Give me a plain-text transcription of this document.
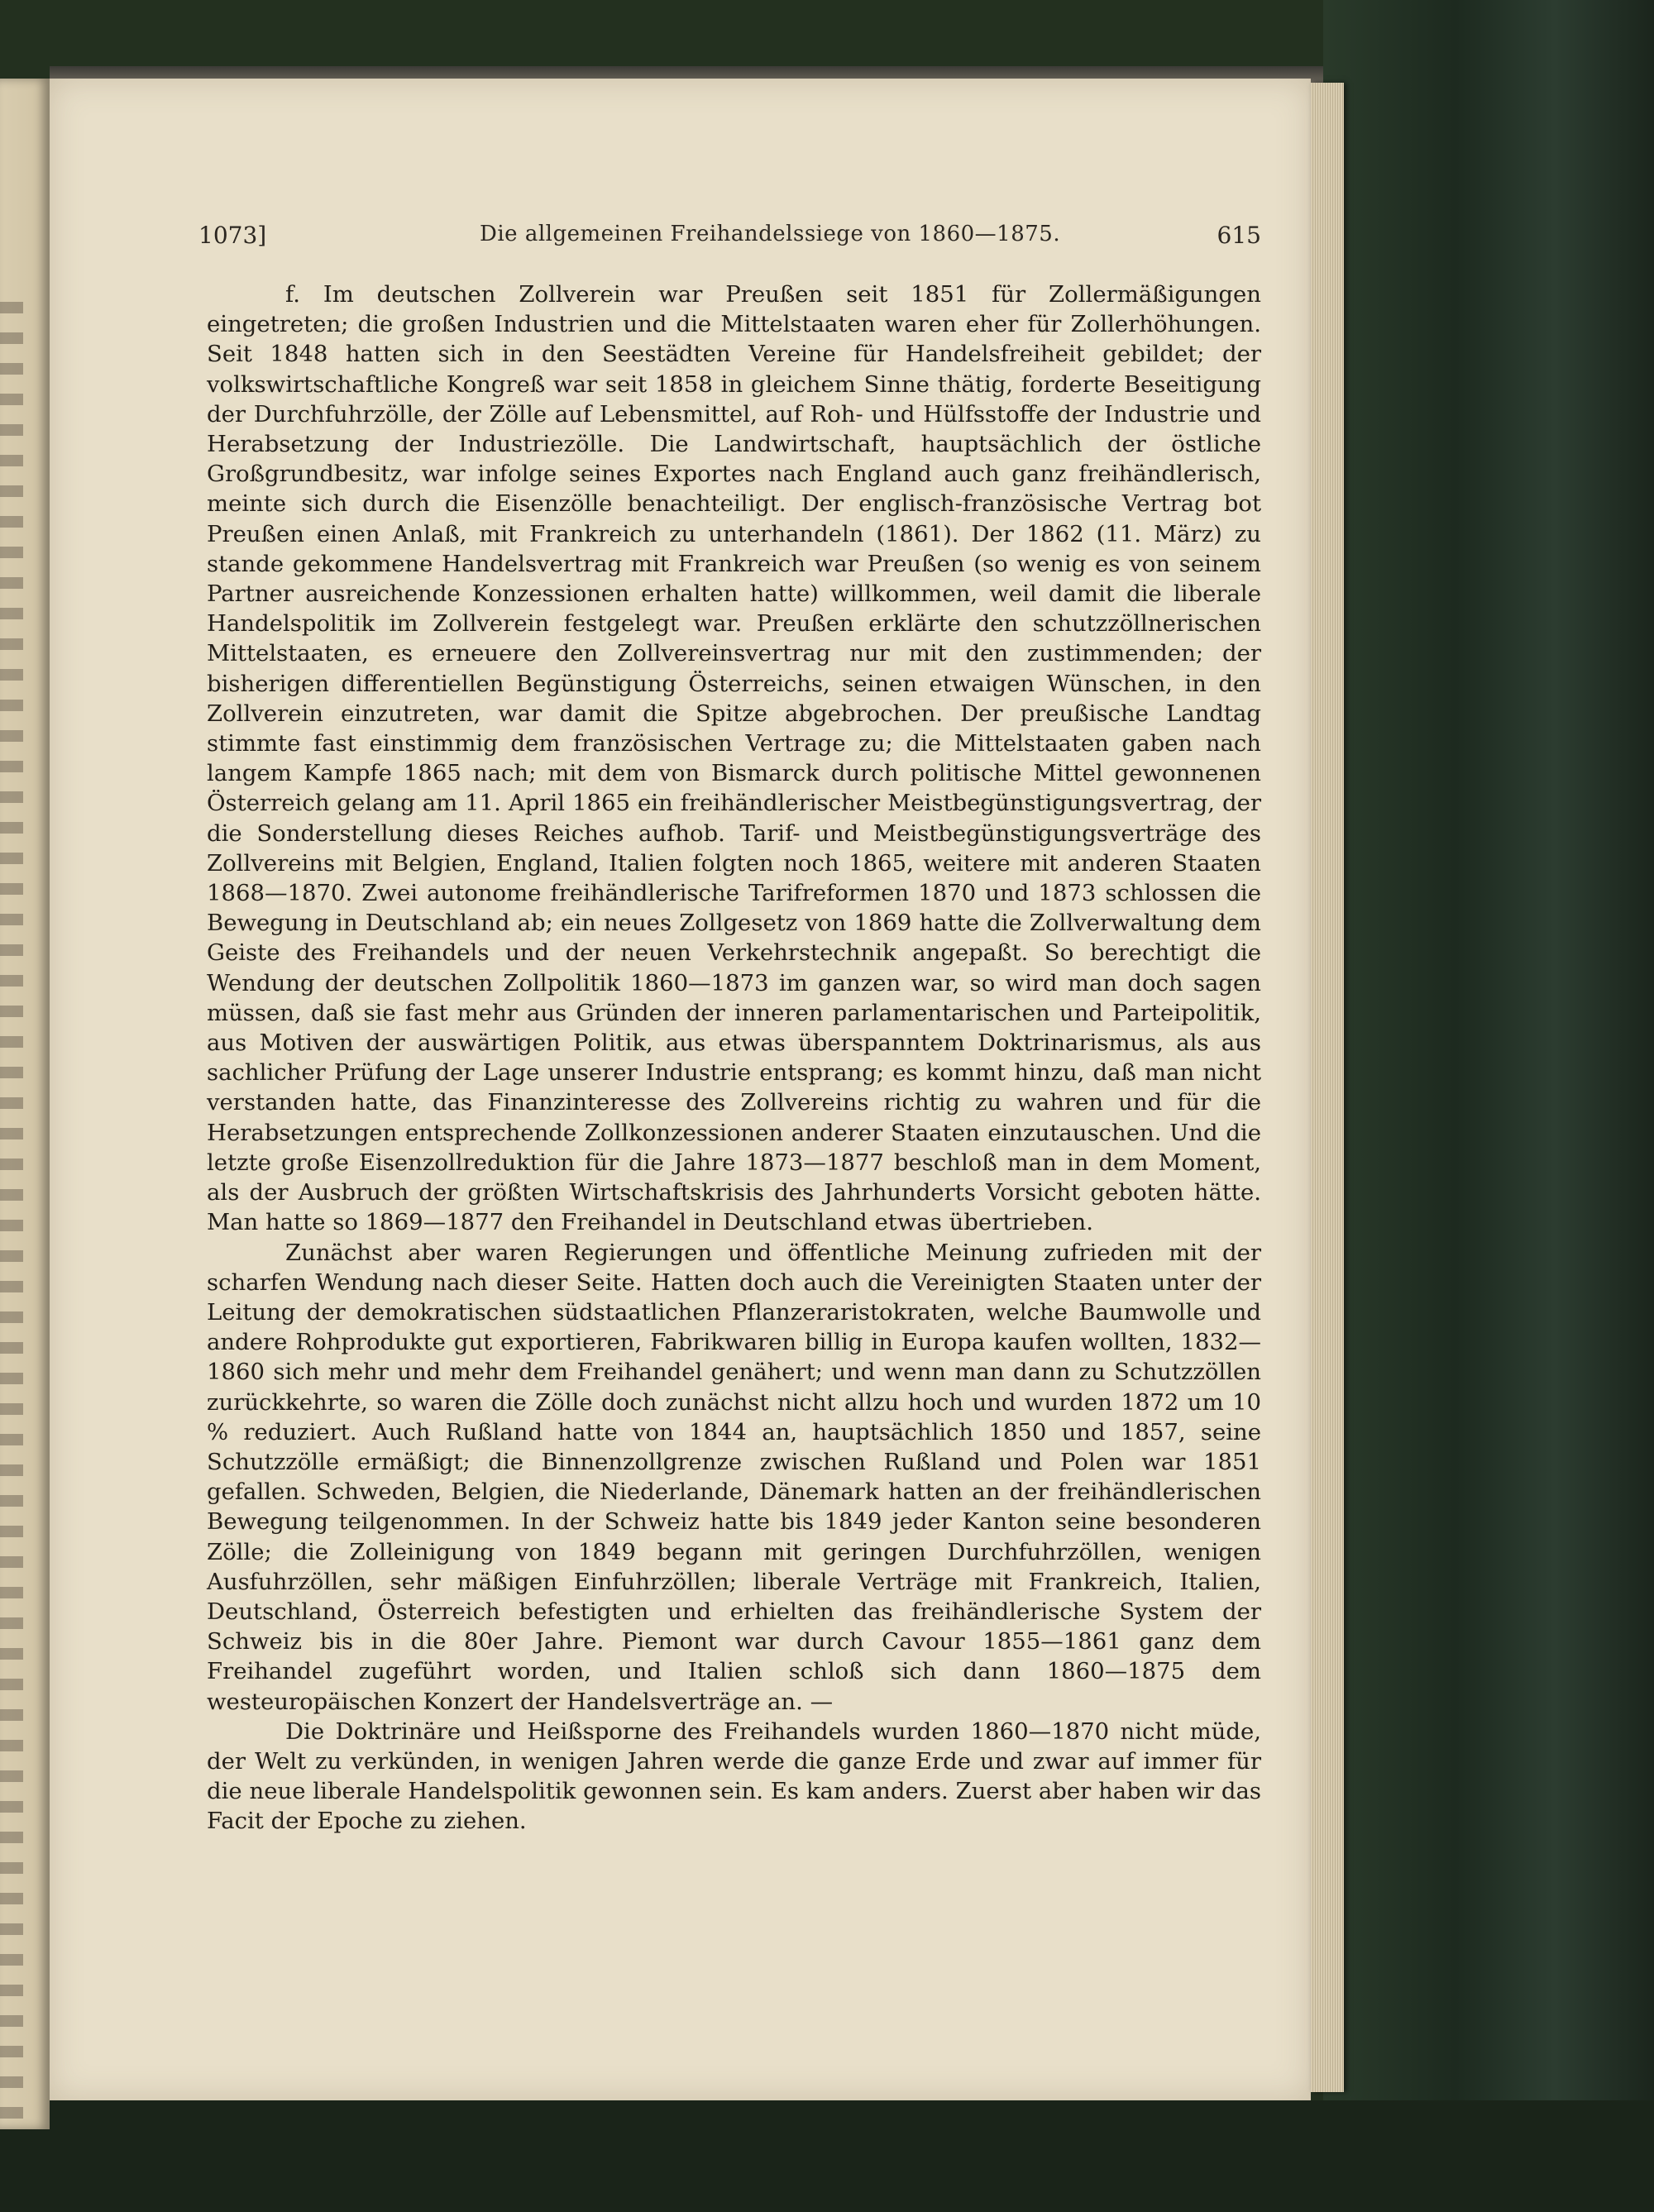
1073]	Die allgemeinen Freihandelssiege von 1860—1875.	615

f. Im deutschen Zollverein war Preußen seit 1851 für Zollermäßigungen eingetreten; die großen Industrien und die Mittelstaaten waren eher für Zollerhöhungen. Seit 1848 hatten sich in den Seestädten Vereine für Handelsfreiheit gebildet; der volkswirtschaftliche Kongreß war seit 1858 in gleichem Sinne thätig, forderte Beseitigung der Durchfuhrzölle, der Zölle auf Lebensmittel, auf Roh- und Hülfsstoffe der Industrie und Herabsetzung der Industriezölle. Die Landwirtschaft, hauptsächlich der östliche Großgrundbesitz, war infolge seines Exportes nach England auch ganz freihändlerisch, meinte sich durch die Eisenzölle benachteiligt. Der englisch-französische Vertrag bot Preußen einen Anlaß, mit Frankreich zu unterhandeln (1861). Der 1862 (11. März) zu stande gekommene Handelsvertrag mit Frankreich war Preußen (so wenig es von seinem Partner ausreichende Konzessionen erhalten hatte) willkommen, weil damit die liberale Handelspolitik im Zollverein festgelegt war. Preußen erklärte den schutzzöllnerischen Mittelstaaten, es erneuere den Zollvereinsvertrag nur mit den zustimmenden; der bisherigen differentiellen Begünstigung Österreichs, seinen etwaigen Wünschen, in den Zollverein einzutreten, war damit die Spitze abgebrochen. Der preußische Landtag stimmte fast einstimmig dem französischen Vertrage zu; die Mittelstaaten gaben nach langem Kampfe 1865 nach; mit dem von Bismarck durch politische Mittel gewonnenen Österreich gelang am 11. April 1865 ein freihändlerischer Meistbegünstigungsvertrag, der die Sonderstellung dieses Reiches aufhob. Tarif- und Meistbegünstigungsverträge des Zollvereins mit Belgien, England, Italien folgten noch 1865, weitere mit anderen Staaten 1868—1870. Zwei autonome freihändlerische Tarifreformen 1870 und 1873 schlossen die Bewegung in Deutschland ab; ein neues Zollgesetz von 1869 hatte die Zollverwaltung dem Geiste des Freihandels und der neuen Verkehrstechnik angepaßt. So berechtigt die Wendung der deutschen Zollpolitik 1860—1873 im ganzen war, so wird man doch sagen müssen, daß sie fast mehr aus Gründen der inneren parlamentarischen und Parteipolitik, aus Motiven der auswärtigen Politik, aus etwas überspanntem Doktrinarismus, als aus sachlicher Prüfung der Lage unserer Industrie entsprang; es kommt hinzu, daß man nicht verstanden hatte, das Finanzinteresse des Zollvereins richtig zu wahren und für die Herabsetzungen entsprechende Zollkonzessionen anderer Staaten einzutauschen. Und die letzte große Eisenzollreduktion für die Jahre 1873—1877 beschloß man in dem Moment, als der Ausbruch der größten Wirtschaftskrisis des Jahrhunderts Vorsicht geboten hätte. Man hatte so 1869—1877 den Freihandel in Deutschland etwas übertrieben.

Zunächst aber waren Regierungen und öffentliche Meinung zufrieden mit der scharfen Wendung nach dieser Seite. Hatten doch auch die Vereinigten Staaten unter der Leitung der demokratischen südstaatlichen Pflanzeraristokraten, welche Baumwolle und andere Rohprodukte gut exportieren, Fabrikwaren billig in Europa kaufen wollten, 1832—1860 sich mehr und mehr dem Freihandel genähert; und wenn man dann zu Schutzzöllen zurückkehrte, so waren die Zölle doch zunächst nicht allzu hoch und wurden 1872 um 10 % reduziert. Auch Rußland hatte von 1844 an, hauptsächlich 1850 und 1857, seine Schutzzölle ermäßigt; die Binnenzollgrenze zwischen Rußland und Polen war 1851 gefallen. Schweden, Belgien, die Niederlande, Dänemark hatten an der freihändlerischen Bewegung teilgenommen. In der Schweiz hatte bis 1849 jeder Kanton seine besonderen Zölle; die Zolleinigung von 1849 begann mit geringen Durchfuhrzöllen, wenigen Ausfuhrzöllen, sehr mäßigen Einfuhrzöllen; liberale Verträge mit Frankreich, Italien, Deutschland, Österreich befestigten und erhielten das freihändlerische System der Schweiz bis in die 80er Jahre. Piemont war durch Cavour 1855—1861 ganz dem Freihandel zugeführt worden, und Italien schloß sich dann 1860—1875 dem westeuropäischen Konzert der Handelsverträge an. —

Die Doktrinäre und Heißsporne des Freihandels wurden 1860—1870 nicht müde, der Welt zu verkünden, in wenigen Jahren werde die ganze Erde und zwar auf immer für die neue liberale Handelspolitik gewonnen sein. Es kam anders. Zuerst aber haben wir das Facit der Epoche zu ziehen.
